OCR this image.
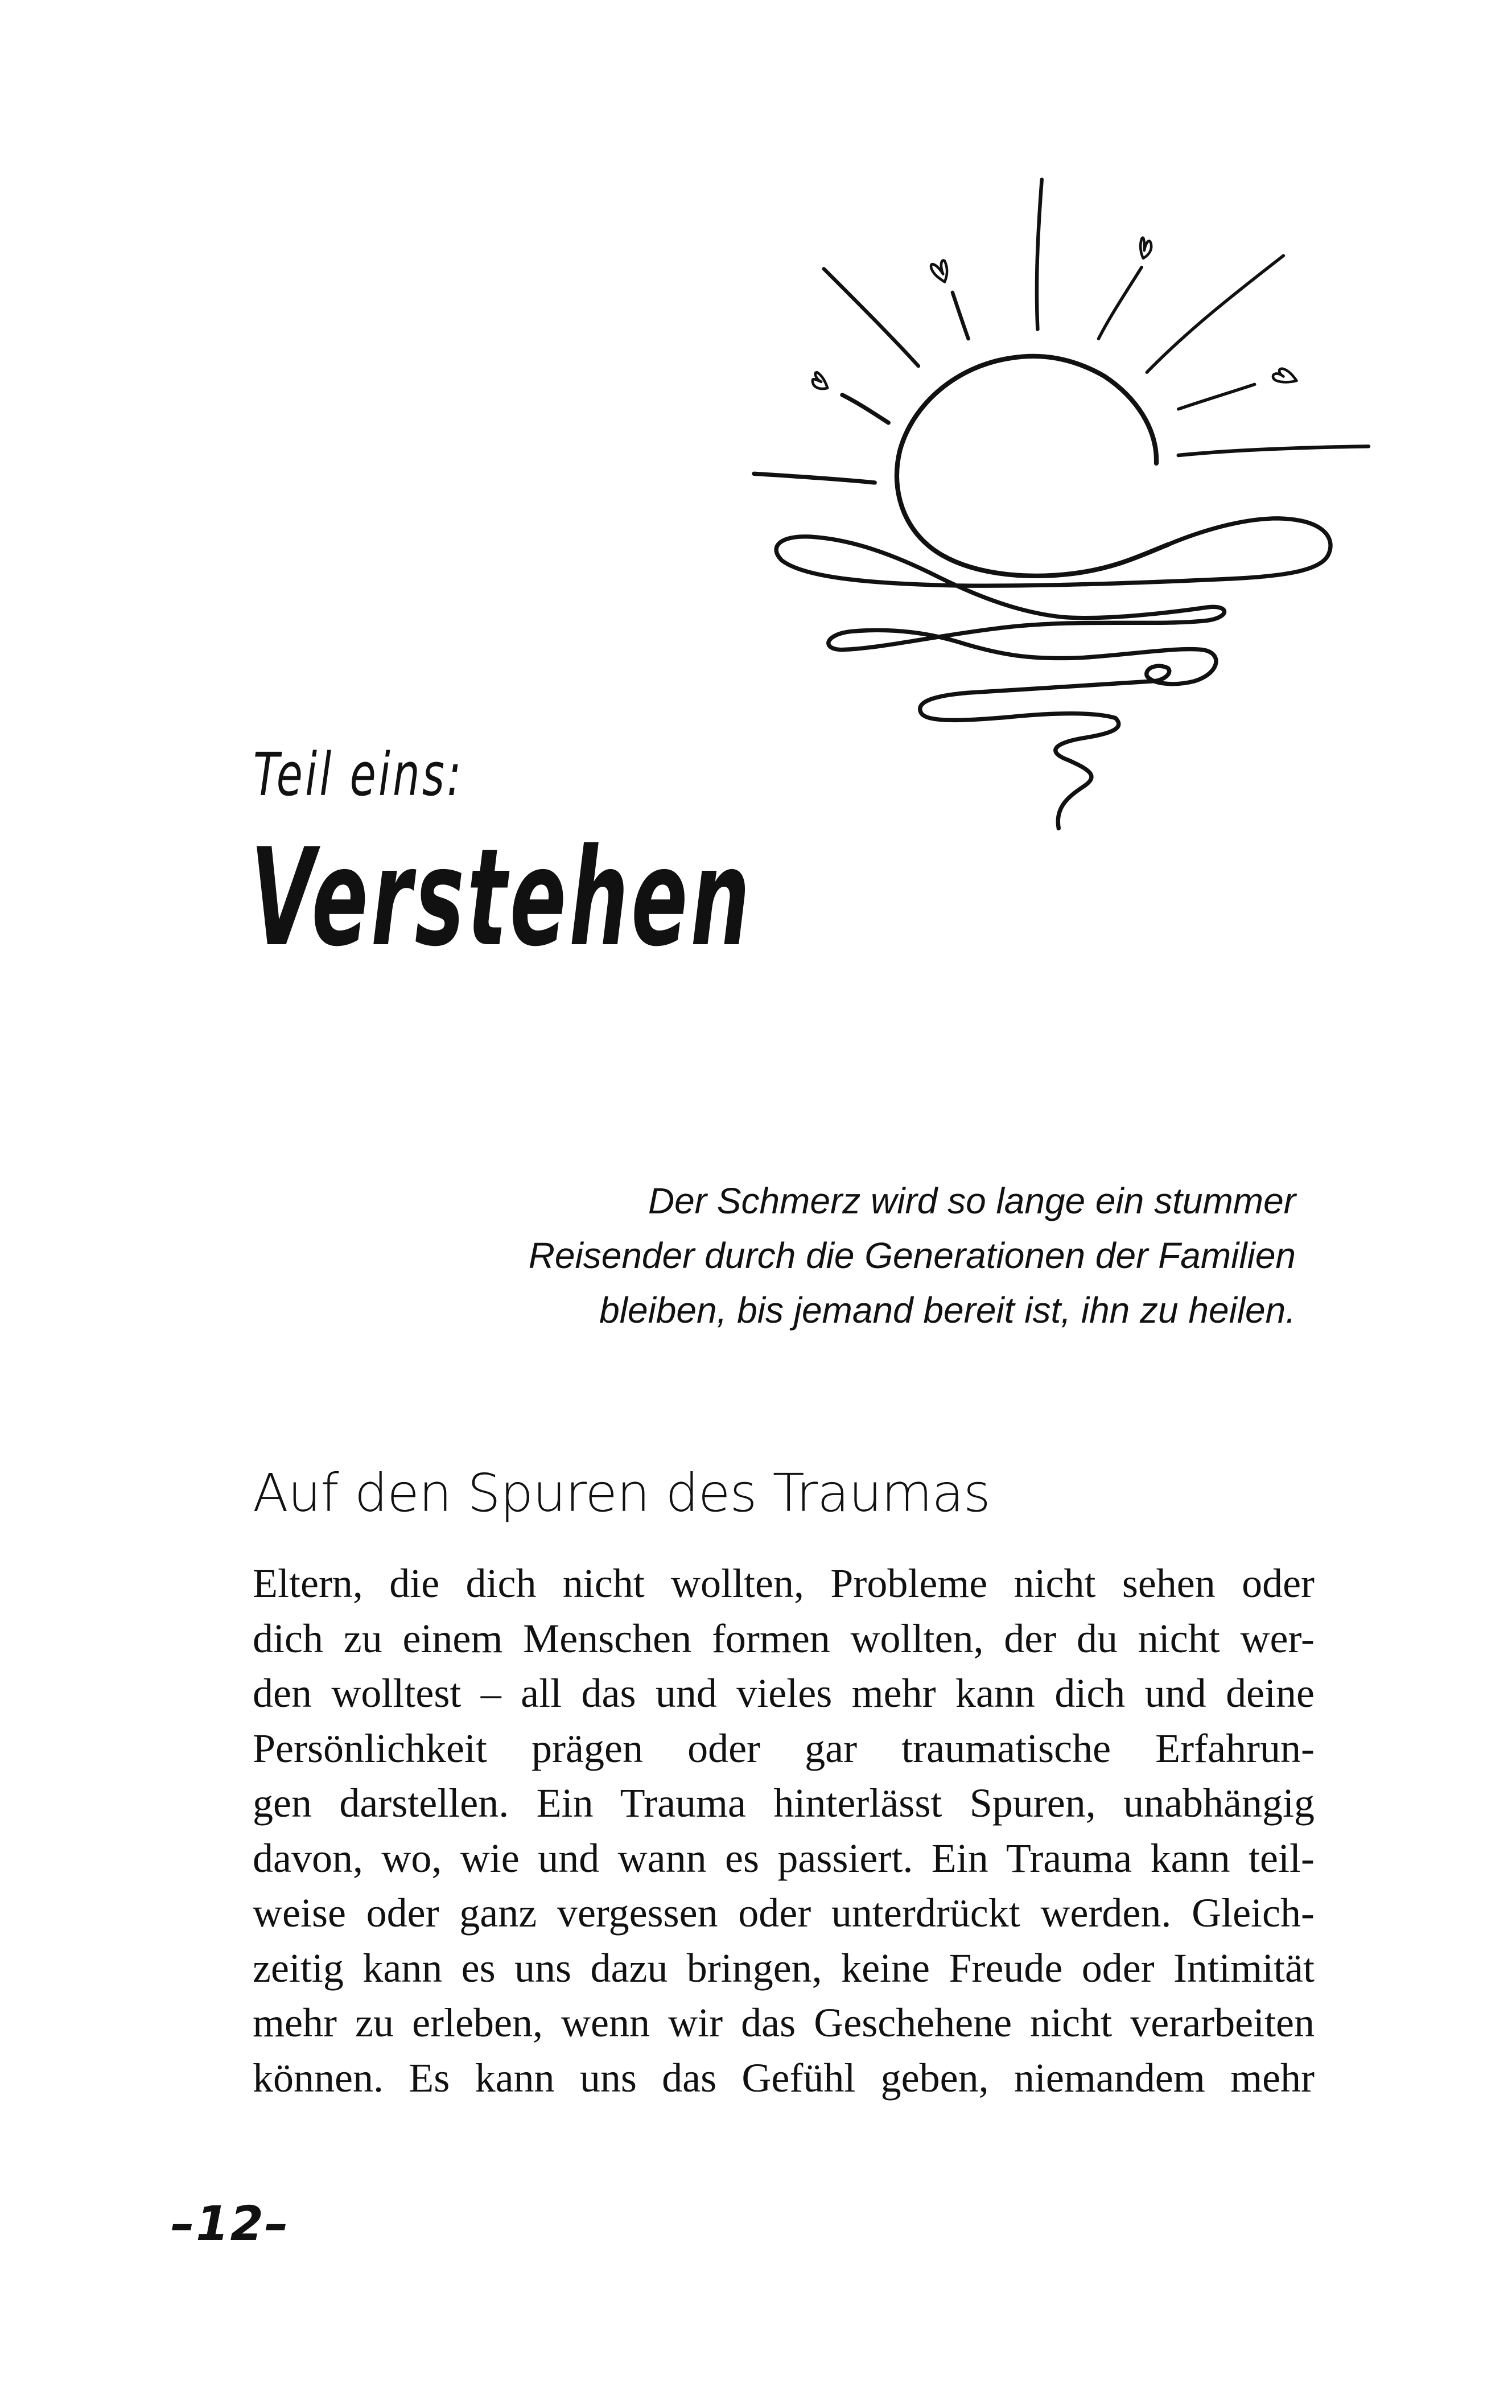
Teil eins:
Verstehen
Der Schmerz wird so lange ein stummer
Reisender durch die Generationen der Familien
bleiben, bis jemand bereit ist, ihn zu heilen.
Auf den Spuren des Traumas
Eltern, die dich nicht wollten, Probleme nicht sehen oder
dich zu einem Menschen formen wollten, der du nicht wer-
den wolltest – all das und vieles mehr kann dich und deine
Persönlichkeit prägen oder gar traumatische Erfahrun-
gen darstellen. Ein Trauma hinterlässt Spuren, unabhängig
davon, wo, wie und wann es passiert. Ein Trauma kann teil-
weise oder ganz vergessen oder unterdrückt werden. Gleich-
zeitig kann es uns dazu bringen, keine Freude oder Intimität
mehr zu erleben, wenn wir das Geschehene nicht verarbeiten
können. Es kann uns das Gefühl geben, niemandem mehr
–12–
